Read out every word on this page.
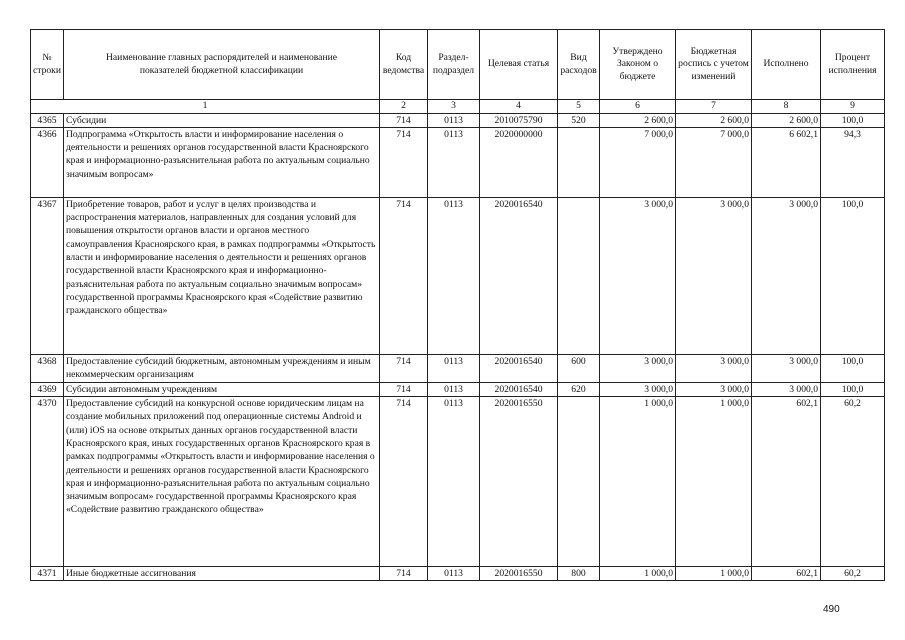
№ строки	Наименование главных распорядителей и наименование показателей бюджетной классификации	Код ведомства	Раздел-подраздел	Целевая статья	Вид расходов	Утверждено Законом о бюджете	Бюджетная роспись с учетом изменений	Исполнено	Процент исполнения
1		2	3	4	5	6	7	8	9
4365	Субсидии	714	0113	2010075790	520	2 600,0	2 600,0	2 600,0	100,0
4366	Подпрограмма «Открытость власти и информирование населения о деятельности и решениях органов государственной власти Красноярского края и информационно-разъяснительная работа по актуальным социально значимым вопросам»	714	0113	2020000000		7 000,0	7 000,0	6 602,1	94,3
4367	Приобретение товаров, работ и услуг в целях производства и распространения материалов, направленных для создания условий для повышения открытости органов власти и органов местного самоуправления Красноярского края, в рамках подпрограммы «Открытость власти и информирование населения о деятельности и решениях органов государственной власти Красноярского края и информационно-разъяснительная работа по актуальным социально значимым вопросам» государственной программы Красноярского края «Содействие развитию гражданского общества»	714	0113	2020016540		3 000,0	3 000,0	3 000,0	100,0
4368	Предоставление субсидий бюджетным, автономным учреждениям и иным некоммерческим организациям	714	0113	2020016540	600	3 000,0	3 000,0	3 000,0	100,0
4369	Субсидии автономным учреждениям	714	0113	2020016540	620	3 000,0	3 000,0	3 000,0	100,0
4370	Предоставление субсидий на конкурсной основе юридическим лицам на создание мобильных приложений под операционные системы Android и (или) iOS на основе открытых данных органов государственной власти Красноярского края, иных государственных органов Красноярского края в рамках подпрограммы «Открытость власти и информирование населения о деятельности и решениях органов государственной власти Красноярского края и информационно-разъяснительная работа по актуальным социально значимым вопросам» государственной программы Красноярского края «Содействие развитию гражданского общества»	714	0113	2020016550		1 000,0	1 000,0	602,1	60,2
4371	Иные бюджетные ассигнования	714	0113	2020016550	800	1 000,0	1 000,0	602,1	60,2
490
